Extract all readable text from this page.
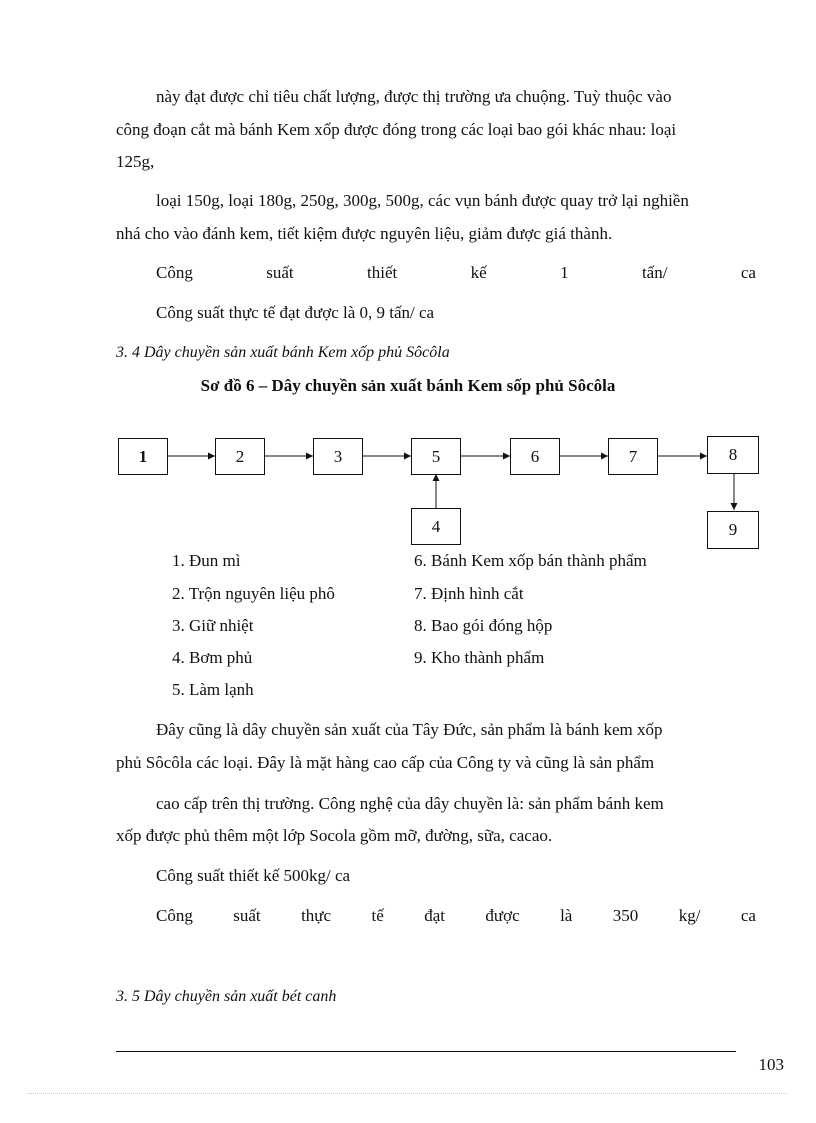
này đạt được chỉ tiêu chất lượng, được thị trường ưa chuộng. Tuỳ thuộc vào
công đoạn cắt mà bánh Kem xốp được đóng trong các loại bao gói khác nhau: loại
125g,
loại 150g, loại 180g, 250g, 300g, 500g, các vụn bánh được quay trở lại nghiền
nhá cho vào đánh kem, tiết kiệm được nguyên liệu, giảm được giá thành.
Công	suất	thiết	kế	1	tấn/	ca
Công suất thực tế đạt được là 0, 9 tấn/ ca
3. 4 Dây chuyền sản xuất bánh Kem xốp phủ Sôcôla
Sơ đồ 6 – Dây chuyền sản xuất bánh Kem sốp phủ Sôcôla
1	2	3	5	6	7	8
4	9
1. Đun mì
2. Trộn nguyên liệu phô
3. Giữ nhiệt
4. Bơm phủ
5. Làm lạnh
6. Bánh Kem xốp bán thành phẩm
7. Định hình cắt
8. Bao gói đóng hộp
9. Kho thành phẩm
Đây cũng là dây chuyền sản xuất của Tây Đức, sản phẩm là bánh kem xốp
phủ Sôcôla các loại. Đây là mặt hàng cao cấp của Công ty và cũng là sản phẩm
cao cấp trên thị trường. Công nghệ của dây chuyền là: sản phẩm bánh kem
xốp được phủ thêm một lớp Socola gồm mỡ, đường, sữa, cacao.
Công suất thiết kế 500kg/ ca
Công suất thực tế đạt được là 350 kg/ ca
3. 5 Dây chuyền sản xuất bét canh
103
